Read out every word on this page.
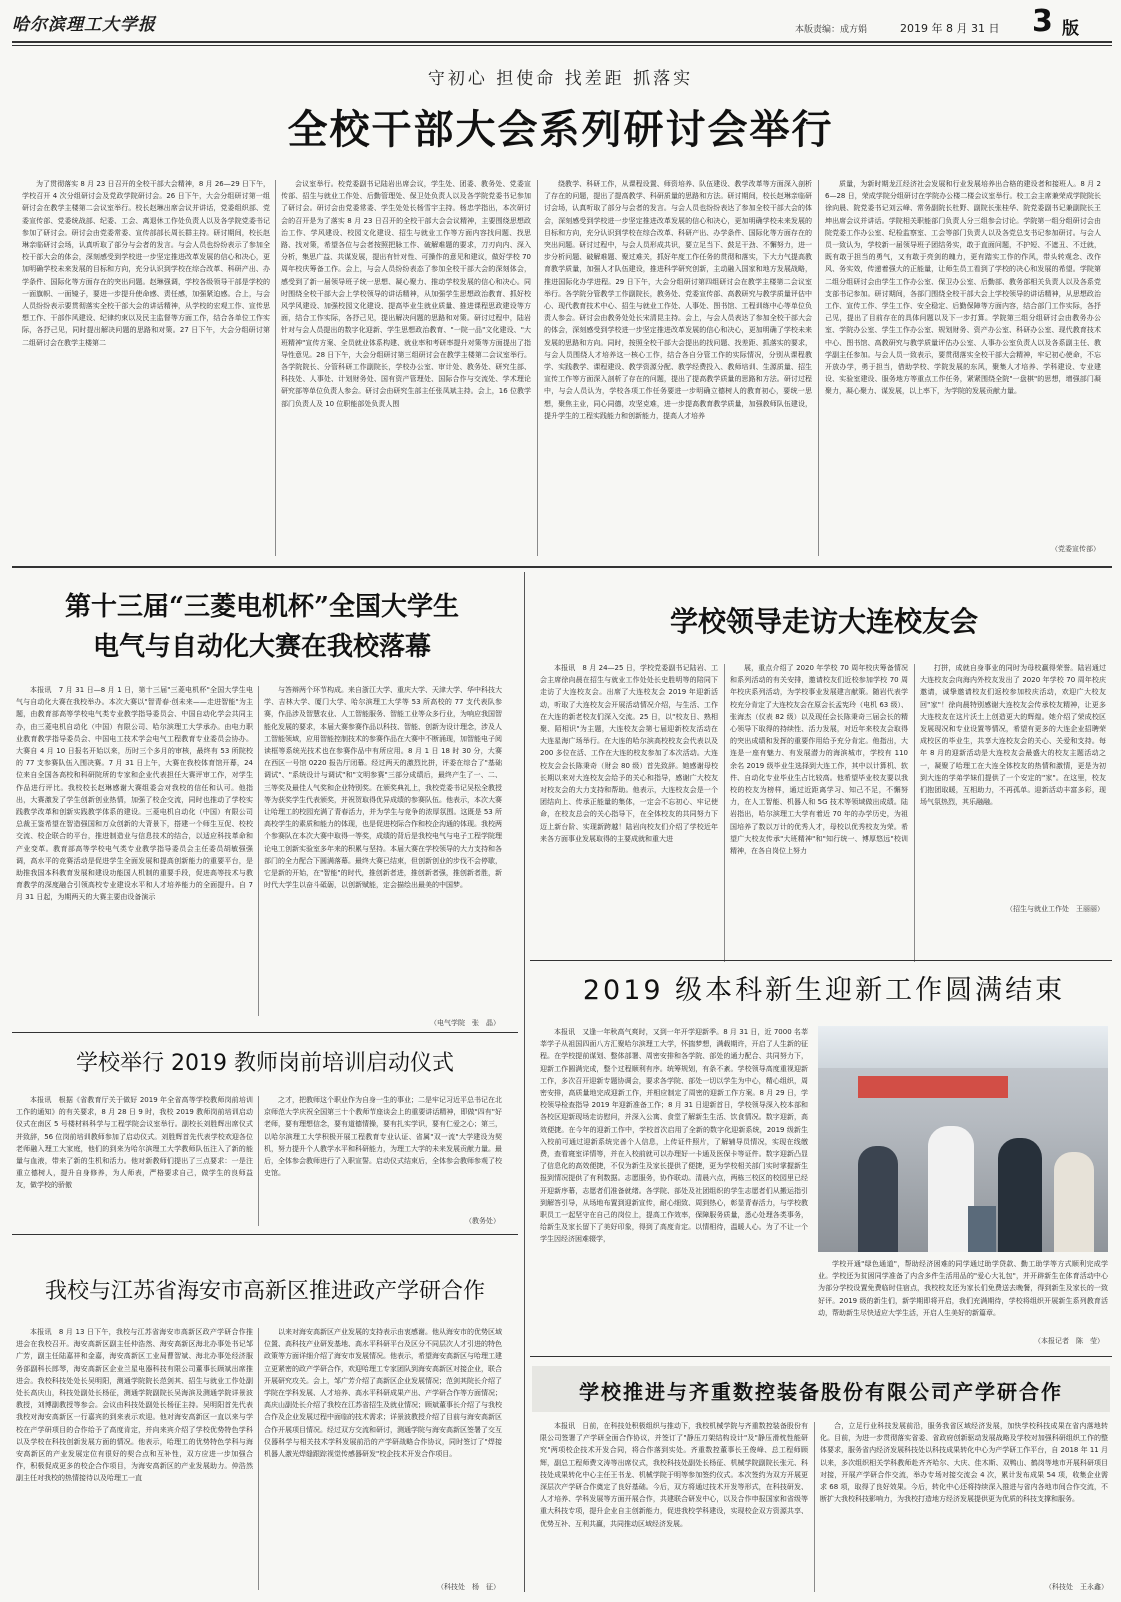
哈尔滨理工大学报	本版责编：成方娟	2019 年 8 月 31 日 3 版
守初心 担使命 找差距 抓落实
全校干部大会系列研讨会举行

为了贯彻落实 8 月 23 日召开的全校干部大会精神，8 月 26—29 日下午，学校召开 4 次分组研讨会及党政学院研讨会。26 日下午，大会分组研讨第一组研讨会在教学主楼第二会议室举行。校长赵琳出席会议并讲话，党委组织部、党委宣传部、党委统战部、纪委、工会、离退休工作处负责人以及各学院党委书记参加了研讨会。研讨会由党委常委、宣传部部长周长群主持。研讨期间，校长赵琳亲临研讨会场，认真听取了部分与会者的发言。与会人员也纷纷表示了参加全校干部大会的体会，深刻感受到学校进一步坚定推进改革发展的信心和决心，更加明确学校未来发展的目标和方向，充分认识到学校在综合改革、科研产出、办学条件、国际化等方面存在的突出问题。赵琳强调，学校各级领导干部是学校的一面旗帜、一面镜子，要进一步提升使命感、责任感，加强紧迫感。合上，与会人员纷纷表示要贯彻落实全校干部大会的讲话精神，从学校的宏观工作、宣传思想工作、干部作风建设、纪律约束以及民主监督等方面工作，结合各单位工作实际，各抒己见，同时提出解决问题的思路和对策。27 日下午，大会分组研讨第二组研讨会在教学主楼第二

会议室举行。校党委副书记陆岩出席会议，学生处、团委、教务处、党委宣传部、招生与就业工作处、后勤管理处、保卫处负责人以及各学院党委书记参加了研讨会。研讨会由党委常委、学生处处长杨雪宇主持。杨忠学指出，本次研讨会的召开是为了落实 8 月 23 日召开的全校干部大会会议精神，主要围绕思想政治工作、学风建设、校园文化建设、招生与就业工作等方面内容找问题、找思路、找对策，希望各位与会者按照把脉工作、破解难题的要求，刀刃向内、深入分析，集思广益、共谋发展，提出有针对性、可操作的意见和建议，做好学校 70 周年校庆筹备工作。会上，与会人员纷纷表态了参加全校干部大会的深刻体会，感受到了新一届领导班子统一思想、凝心聚力、推动学校发展的信心和决心。同时围绕全校干部大会上学校领导的讲话精神，从加强学生思想政治教育、抓好校风学风建设、加强校园文化建设、提高毕业生就业质量、推进课程思政建设等方面，结合工作实际，各抒己见，提出解决问题的思路和对策。研讨过程中，陆岩针对与会人员提出的数字化迎新、学生思想政治教育、"一院一品"文化建设、"大班精神"宣传方案、全员就业体系构建、就业率和考研率提升对策等方面提出了指导性意见。28 日下午，大会分组研讨第三组研讨会在教学主楼第二会议室举行。各学院院长、分管科研工作副院长，学校办公室、审计处、教务处、研究生部、科技处、人事处、计划财务处、国有资产管理处、国际合作与交流处、学术理论研究部等单位负责人参会。研讨会由研究生部主任张凤斌主持。会上，16 位教学部门负责人及 10 位职能部处负责人围

绕教学、科研工作，从课程设置、师资培养、队伍建设、教学改革等方面深入剖析了存在的问题，提出了提高教学、科研质量的思路和方法。研讨期间，校长赵琳亲临研讨会场，认真听取了部分与会者的发言。与会人员也纷纷表达了参加全校干部大会的体会，深刻感受到学校进一步坚定推进改革发展的信心和决心，更加明确学校未来发展的目标和方向，充分认识到学校在综合改革、科研产出、办学条件、国际化等方面存在的突出问题。研讨过程中，与会人员形成共识，要立足当下、鼓足干劲、不懈努力，进一步分析问题、破解难题、聚过难关，抓好年度工作任务的贯彻和落实，下大力气提高教育教学质量，加强人才队伍建设，推进科学研究创新，主动融入国家和地方发展战略，推进国际化办学进程。29 日下午，大会分组研讨第四组研讨会在教学主楼第二会议室举行。各学院分管教学工作副院长，教务处、党委宣传部、高教研究与教学质量评估中心、现代教育技术中心、招生与就业工作处、人事处、图书馆、工程训练中心等单位负责人参会。研讨会由教务处处长宋清昆主持。会上，与会人员表达了参加全校干部大会的体会，深刻感受到学校进一步坚定推进改革发展的信心和决心，更加明确了学校未来发展的思路和方向。同时，按照全校干部大会提出的找问题、找差距、抓落实的要求，与会人员围绕人才培养这一核心工作，结合各自分管工作的实际情况，分别从课程教学、实践教学、课程建设、教学资源分配、教学经费投入、教师培训、生源质量、招生宣传工作等方面深入剖析了存在的问题，提出了提高教学质量的思路和方法。研讨过程中，与会人员认为，学校各项工作任务要进一步明确立德树人的教育初心，要统一思想，聚焦主业，同心同德，攻坚克难，进一步提高教育教学质量，加强教师队伍建设，提升学生的工程实践能力和创新能力，提高人才培养

质量，为新时期龙江经济社会发展和行业发展培养出合格的建设者和接班人。8 月 26—28 日，荣成学院分组研讨在学院办公楼二楼会议室举行。校工会主席兼荣成学院院长徐向晨、院党委书记刘云峰、常务副院长杜野、副院长张桂华、院党委副书记兼副院长王坤出席会议并讲话。学院相关职能部门负责人分三组参会讨论。学院第一组分组研讨会由院党委工作办公室、纪检监察室、工会等部门负责人以及各党总支书记参加研讨。与会人员一致认为，学校新一届领导班子团结务实，敢于直面问题，不护短、不遮丑、不迁就，既有敢于担当的勇气，又有敢于亮剑的魄力，更有踏实工作的作风，带头转观念、改作风、务实效，传递着强大的正能量，让师生员工看到了学校的决心和发展的希望。学院第二组分组研讨会由学生工作办公室、保卫办公室、后勤部、教务部相关负责人以及各系党支部书记参加。研讨期间，各部门围绕全校干部大会上学校领导的讲话精神，从思想政治工作、宣传工作、学生工作、安全稳定、后勤保障等方面内容，结合部门工作实际，各抒己见，提出了目前存在的具体问题以及下一步打算。学院第三组分组研讨会由教务办公室、学院办公室、学生工作办公室、规划财务、资产办公室、科研办公室、现代教育技术中心、图书馆、高教研究与教学质量评估办公室、人事办公室负责人以及各系副主任、教学副主任参加。与会人员一致表示，要贯彻落实全校干部大会精神，牢记初心使命，不忘开放办学，勇于担当，借助学校、学院发展的东风，聚集人才培养、学科建设、专业建设、实验室建设、服务地方等重点工作任务，紧紧围绕全院"一盘棋"的思想，增强部门凝聚力，凝心聚力、谋发展，以上率下，为学院的发展贡献力量。

（党委宣传部）
第十三届“三菱电机杯”全国大学生
电气与自动化大赛在我校落幕

本报讯　7 月 31 日—8 月 1 日，第十三届"三菱电机杯"全国大学生电气与自动化大赛在我校举办。本次大赛以"智青春·创未来——走进智能"为主题，由教育部高等学校电气类专业教学指导委员会、中国自动化学会共同主办，由三菱电机自动化（中国）有限公司、哈尔滨理工大学承办。由电力职业教育教学指导委员会、中国电工技术学会电气工程教育专业委员会协办。大赛自 4 月 10 日报名开始以来，历时三个多月的审核，最终有 53 所院校的 77 支参赛队伍入围决赛。7 月 31 日上午，大赛在我校体育馆开幕，24 位来自全国各高校和科研院所的专家和企业代表担任大赛评审工作，对学生作品进行评比。我校校长赵琳感谢大赛组委会对我校的信任和认可。他指出，大赛激发了学生创新创业热情，加强了校企交流，同时也推动了学校实践教学改革和创新实践教学体系的建设。三菱电机自动化（中国）有限公司总裁王鉴希望在智造强国和万众创新的大背景下，搭建一个师生互促、校校交流、校企联合的平台，推进制造业与信息技术的结合，以适应科技革命和产业变革。教育部高等学校电气类专业教学指导委员会主任委员胡敏强强调，高水平的竞赛活动是促进学生全面发展和提高创新能力的重要平台，是助推我国本科教育发展和建设功能国人机制的重要手段，促进高等技术与教育教学的深度融合引领高校专业建设水平和人才培养能力的全面提升。自 7 月 31 日起，为期两天的大赛主要由设备演示

与答辩两个环节构成。来自浙江大学、重庆大学、天津大学、华中科技大学、吉林大学、厦门大学、哈尔滨理工大学等 53 所高校的 77 支代表队参赛，作品涉及智慧农业、人工智能服务、智能工业等众多行业，为响应我国智能化发展的要求，本届大赛参赛作品以科技、智能、创新为设计理念，涉及人工智能领域，应用智能控制技术的参赛作品在大赛中不断涌现，加智能电子阅读框等系统光技术也在参赛作品中有所应用。8 月 1 日 18 时 30 分，大赛在西区一号馆 0220 报告厅闭幕。经过两天的激烈比拼，评委在综合了"基础调试"、"系统设计与调试"和"文明参赛"三部分成绩后，最终产生了一、二、三等奖及最佳人气奖和企业特别奖。在颁奖典礼上，我校党委书记吴松全教授等为获奖学生代表颁奖，并祝贺取得优异成绩的参赛队伍。他表示，本次大赛让哈理工的校园充满了青春活力，并为学生与竞争的浓厚氛围。这既是 53 所高校学生的素质和能力的体现，也是促进校际合作和校企沟通的体现。我校两个参赛队在本次大赛中取得一等奖，成绩的背后是我校电气与电子工程学院理论电工创新实验室多年来的积累与坚持。本届大赛在学校领导的大力支持和各部门的全力配合下圆满落幕。最终大赛已结束，但创新创业的步伐不会停歇，它是新的开始，在"智能"的时代，推创新者进，推创新者强，推创新者胜，新时代大学生以奋斗砥砺，以创新赋能，定会描绘出最美的中国梦。

（电气学院　张　晶）
学校领导走访大连校友会

本报讯　8 月 24—25 日，学校党委副书记陆岩、工会主席徐向晨在招生与就业工作处处长史胜明等的陪同下走访了大连校友会。出席了大连校友会 2019 年迎新活动，听取了大连校友会开展活动情况介绍，与生活、工作在大连的新老校友们深入交流。25 日，以"校友日、熟相聚、陌相识"为主题，大连校友会第七届迎新校友活动在大连星海广场举行。在大连的哈尔滨高校校友会代表以及 200 多位在活、工作在大连的校友参加了本次活动。大连校友会会长陈秉奇（财会 80 级）首先致辞。她感谢母校长期以来对大连校友会给予的关心和指导，感谢广大校友对校友会的大力支持和帮助。他表示，大连校友会是一个团结向上、传承正能量的集体，一定会不忘初心、牢记使命，在校友总会的关心指导下，在全体校友的共同努力下迈上新台阶、实现新跨越！陆岩向校友们介绍了学校近年来各方面事业发展取得的主要成就和重大进

展，重点介绍了 2020 年学校 70 周年校庆筹备情况和系列活动的有关安排，邀请校友们近校参加学校 70 周年校庆系列活动，为学校事业发展建言献策。随岩代表学校充分肯定了大连校友会在原会长孟宪玲（电机 63 级）、张海杰（仪表 82 级）以及现任会长陈秉奇三届会长的精心领导下取得的持续性、活力发展，对近年来校友会取得的突出成绩和发挥的重要作用给予充分肯定。他指出，大连是一座有魅力、有发展潜力的海滨城市，学校有 110 余名 2019 级毕业生选择到大连工作，其中以计算机、软件、自动化专业毕业生占比较高。他希望毕业校友要以我校的校友为榜样，通过近距离学习、知己不足，不懈努力，在人工智能、机器人和 5G 技术等领域做出成绩。陆岩指出，哈尔滨理工大学有着近 70 年的办学历史，为祖国培养了数以万计的优秀人才，母校以优秀校友为荣。希望广大校友传承"大班精神"和"知行统一、博厚悠远"校训精神，在各自岗位上努力

打拼，成就自身事业的同时为母校赢得荣誉。陆岩通过大连校友会向海内外校友发出了 2020 年学校 70 周年校庆邀请，诚挚邀请校友们返校参加校庆活动，欢迎广大校友回"家"！徐向晨特别感谢大连校友会传承校友精神，让更多大连校友在这片沃土上创造更大的辉煌。她介绍了荣成校区发展现况和专业设置等情况，希望有更多的大连企业招聘荣成校区的毕业生，共享大连校友会的关心、关爱和支持。每年 8 月的迎新活动是大连校友会最盛大的校友主题活动之一，凝聚了哈理工在大连全体校友的热情和激情，更是为初到大连的学弟学妹们提供了一个安定的"家"。在这里，校友们抱团取暖，互相助力，不再孤单。迎新活动丰富多彩，现场气氛热烈，其乐融融。

（招生与就业工作处　王丽丽）
2019 级本科新生迎新工作圆满结束

本报讯　又逢一年秋高气爽时，又到一年开学迎新季。8 月 31 日，近 7000 名莘莘学子从祖国四面八方汇聚哈尔滨理工大学，怀揣梦想，满载期许，开启了人生新的征程。在学校提前谋划、整体部署、周密安排和各学院、部处的通力配合、共同努力下，迎新工作圆满完成，整个过程顺利有序。统筹规划，有条不紊。学校领导高度重视迎新工作，多次召开迎新专题协调会，要求各学院、部处一切以学生为中心，精心组织，周密安排，高质量地完成迎新工作，并相应制定了周密的迎新工作方案。8 月 29 日，学校领导检查指导 2019 年迎新准备工作；8 月 31 日迎新首日，学校领导深入校本部和各校区迎新现场走访慰问，并深入公寓、食堂了解新生生活、饮食情况。数字迎新，高效便捷。在今年的迎新工作中，学校首次启用了全新的数字化迎新系统，2019 级新生入校前可通过迎新系统完善个人信息，上传证件照片，了解辅导员情况，实现在线缴费，查看寝室详情等，并在入校前就可以办理好一卡通及医保卡等证件。数字迎新凸显了信息化的高效便捷，不仅为新生及家长提供了便捷，更为学校相关部门实时掌握新生报到情况提供了有利数据。志愿服务，协作联动。清晨六点，两栋三校区的校园里已经开迎新序幕，志愿者们准备就绪。各学院、部处及社团组织的学生志愿者们从搬运指引到解答引导，从场地布置到迎新宣传，耐心细致、周到热心，彰显青春活力，与学校教职员工一起坚守在自己的岗位上，提高工作效率，保障服务质量，悉心处理各类事务，给新生及家长留下了美好印象，得到了高度肯定。以情相待，温暖人心。为了不让一个学生因经济困难辍学，

学校开通"绿色通道"，帮助经济困难的同学通过助学贷款、勤工助学等方式顺利完成学业。学校还为贫困同学准备了内含多件生活用品的"爱心大礼包"，并开辟新生在体育活动中心为部分学校设置免费临时住宿点，我校校友还为家长们免费送去晚餐，得到新生及家长的一致好评。2019 级的新生们，新学期即将开启，我们充满期待，学校将组织开展新生系列教育活动，帮助新生尽快适应大学生活，开启人生美好的新篇章。

（本报记者　陈　莹）
学校推进与齐重数控装备股份有限公司产学研合作

本报讯　日前，在科技处积极组织与推动下，我校机械学院与齐重数控装备股份有限公司签署了产学研全面合作协议，并签订了"静压刀架结构设计"及"静压滑枕性能研究"两项校企技术开发合同，将合作落到实处。齐重数控董事长王俊峰、总工程师顾辉，副总工程师费文涛等出席仪式，我校科技处副处长杨征、机械学院副院长张元、科技处成果转化中心主任王书龙、机械学院于明等参加签约仪式。本次签约为双方开展更深层次产学研合作奠定了良好基础。今后，双方将通过技术开发等形式，在科技研发、人才培养、学科发展等方面开展合作，共建联合研发中心，以及合作申报国家和省级等重大科技专项，提升企业自主创新能力，促进我校学科建设，实现校企双方资源共享、优势互补、互利共赢，共同推动区域经济发展。

合，立足行业科技发展前沿，服务我省区域经济发展，加快学校科技成果在省内落地转化。目前，为进一步贯彻落实省委、省政府创新驱动发展战略及学校对加强科研组织工作的整体要求，服务省内经济发展科技处以科技成果转化中心为产学研工作平台，自 2018 年 11 月以来，多次组织相关学科教师赴齐齐哈尔、大庆、佳木斯、双鸭山、鹤岗等地市开展科研项目对接，开展产学研合作交流，举办专场对接交流会 4 次，累计发布成果 54 项，收集企业需求 68 项，取得了良好效果。今后，转化中心还将持续深入推进与省内各地市间合作交流，不断扩大我校科技影响力，为我校打造地方经济发展提供更为优质的科技支撑和服务。

（科技处　王永鑫）
学校举行 2019 教师岗前培训启动仪式

本报讯　根据《省教育厅关于做好 2019 年全省高等学校教师岗前培训工作的通知》的有关要求，8 月 28 日 9 时，我校 2019 教师岗前培训启动仪式在南区 5 号楼材料科学与工程学院会议室举行。副校长刘胜辉出席仪式并致辞，56 位岗前培训教师参加了启动仪式。刘胜辉首先代表学校欢迎各位老师融入理工大家庭，他们的到来为哈尔滨理工大学教师队伍注入了新的能量与血液，带来了新的生机和活力。他对新教师们提出了三点要求：一是注重立德树人，提升自身修养，为人师表，严格要求自己，做学生的良师益友，做学校的骄傲

之才，把教师这个职业作为自身一生的事业；二是牢记习近平总书记在北京师范大学庆祝全国第三十个教师节座谈会上的重要讲话精神，即做"四有"好老师，要有理想信念，要有道德情操，要有扎实学识，要有仁爱之心；第三，以哈尔滨理工大学积极开展工程教育专业认证、省属"双一流"大学建设为契机，努力提升个人教学水平和科研能力，为理工大学的未来发展贡献力量。最后，全体参会教师进行了入职宣誓。启动仪式结束后，全体参会教师参观了校史馆。

（教务处）
我校与江苏省海安市高新区推进政产学研合作

本报讯　8 月 13 日下午，我校与江苏省海安市高新区政产学研合作推进会在我校召开。海安高新区副主任仲浩然、海安高新区海北办事处书记邹广芳，副主任陆嘉祥和金嘉，海安高新区工业局曹智斌、海北办事处经济服务部副科长郎琴，海安高新区企业兰星电器科技有限公司董事长顾斌出席推进会。我校科技处处长吴明阳，测通学院院长范剑其、招生与就业工作处副处长高庆山，科技处副处长杨征，测通学院副院长吴海滨及测通学院详景波教授，刘博副教授等参会。会议由科技处副处长杨征主持。吴明阳首先代表我校对海安高新区一行嘉宾的到来表示欢迎。他对海安高新区一直以来与学校在产学研项目的合作给予了高度肯定，并向来宾介绍了学校优势特色学科以及学校在科技创新发展方面的情况。他表示，哈理工的优势特色学科与海安高新区的产业发展定位有很好的契合点和互补性，双方应进一步加强合作，积极促成更多的校企合作项目，为海安高新区的产业发展助力。仲浩然副主任对我校的热情接待以及哈理工一直

以来对海安高新区产业发展的支持表示由衷感谢。他从海安市的优势区域位置、高科技产业研发基地、高水平科研平台及区分不同层次人才引进的特色政策等方面详细介绍了海安市发展情况。他表示，希望海安高新区与哈理工建立更紧密的政产学研合作，欢迎哈理工专家团队到海安高新区对接企业，联合开展研究攻关。会上，邹广芳介绍了高新区企业发展情况；范剑其院长介绍了学院在学科发展、人才培养、高水平科研成果产出、产学研合作等方面情况；高庆山副处长介绍了我校在江苏省招生及就业情况；顾斌董事长介绍了与我校合作及企业发展过程中面临的技术需求；详景波教授介绍了目前与海安高新区合作开展项目情况。经过双方交流和研讨，测通学院与海安高新区签署了交互仪器科学与相关技术学科发展前沿的产学研战略合作协议，同时签订了"焊接机器人激光焊缝跟踪视觉传感器研发"校企技术开发合作项目。

（科技处　杨　征）
